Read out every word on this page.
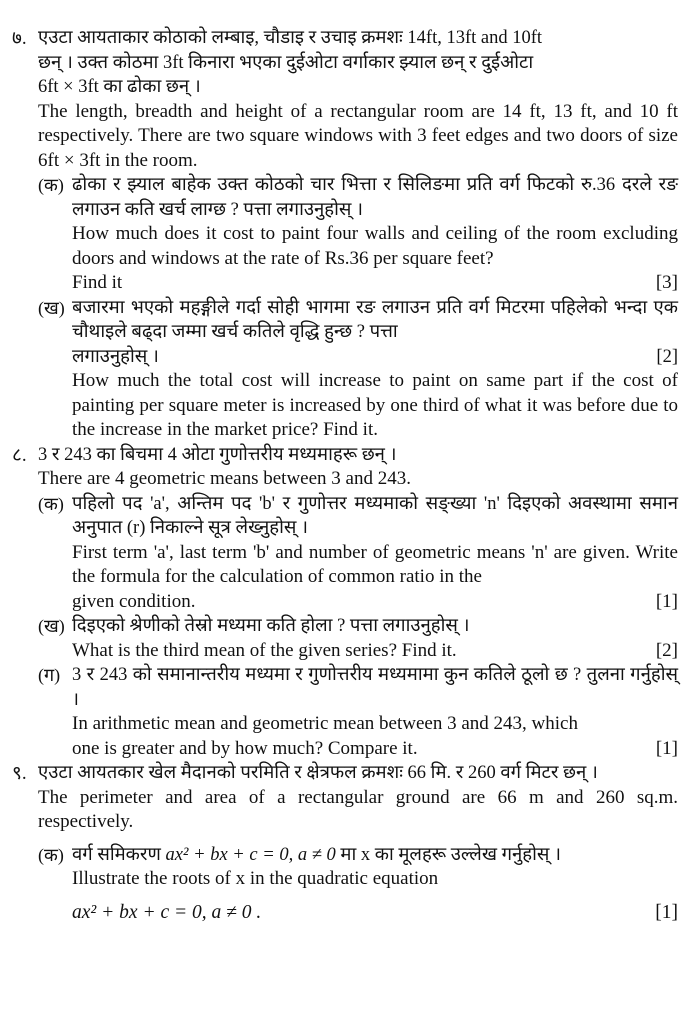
७. एउटा आयताकार कोठाको लम्बाइ, चौडाइ र उचाइ क्रमशः 14ft, 13ft and 10ft
छन् । उक्त कोठमा 3ft किनारा भएका दुईओटा वर्गाकार झ्याल छन् र दुईओटा
6ft × 3ft का ढोका छन् ।
The length, breadth and height of a rectangular room are 14 ft, 13 ft, and 10 ft respectively. There are two square windows with 3 feet edges and two doors of size 6ft × 3ft in the room.
(क) ढोका र झ्याल बाहेक उक्त कोठको चार भित्ता र सिलिङमा प्रति वर्ग फिटको रु.36 दरले रङ लगाउन कति खर्च लाग्छ ? पत्ता लगाउनुहोस् ।
How much does it cost to paint four walls and ceiling of the room excluding doors and windows at the rate of Rs.36 per square feet?
Find it	[3]
(ख) बजारमा भएको महङ्गीले गर्दा सोही भागमा रङ लगाउन प्रति वर्ग मिटरमा पहिलेको भन्दा एक चौथाइले बढ्दा जम्मा खर्च कतिले वृद्धि हुन्छ ? पत्ता
लगाउनुहोस् ।	[2]
How much the total cost will increase to paint on same part if the cost of painting per square meter is increased by one third of what it was before due to the increase in the market price? Find it.
८. 3 र 243 का बिचमा 4 ओटा गुणोत्तरीय मध्यमाहरू छन् ।
There are 4 geometric means between 3 and 243.
(क) पहिलो पद 'a', अन्तिम पद 'b' र गुणोत्तर मध्यमाको सङ्ख्या 'n' दिइएको अवस्थामा समान अनुपात (r) निकाल्ने सूत्र लेख्नुहोस् ।
First term 'a', last term 'b' and number of geometric means 'n' are given. Write the formula for the calculation of common ratio in the
given condition.	[1]
(ख) दिइएको श्रेणीको तेस्रो मध्यमा कति होला ? पत्ता लगाउनुहोस् ।
What is the third mean of the given series? Find it.	[2]
(ग) 3 र 243 को समानान्तरीय मध्यमा र गुणोत्तरीय मध्यमामा कुन कतिले ठूलो छ ? तुलना गर्नुहोस् ।
In arithmetic mean and geometric mean between 3 and 243, which
one is greater and by how much? Compare it.	[1]
९. एउटा आयतकार खेल मैदानको परमिति र क्षेत्रफल क्रमशः 66 मि. र 260 वर्ग मिटर छन् ।
The perimeter and area of a rectangular ground are 66 m and 260 sq.m. respectively.
(क) वर्ग समिकरण ax² + bx + c = 0, a ≠ 0 मा x का मूलहरू उल्लेख गर्नुहोस् ।
Illustrate the roots of x in the quadratic equation
ax² + bx + c = 0, a ≠ 0 .	[1]
